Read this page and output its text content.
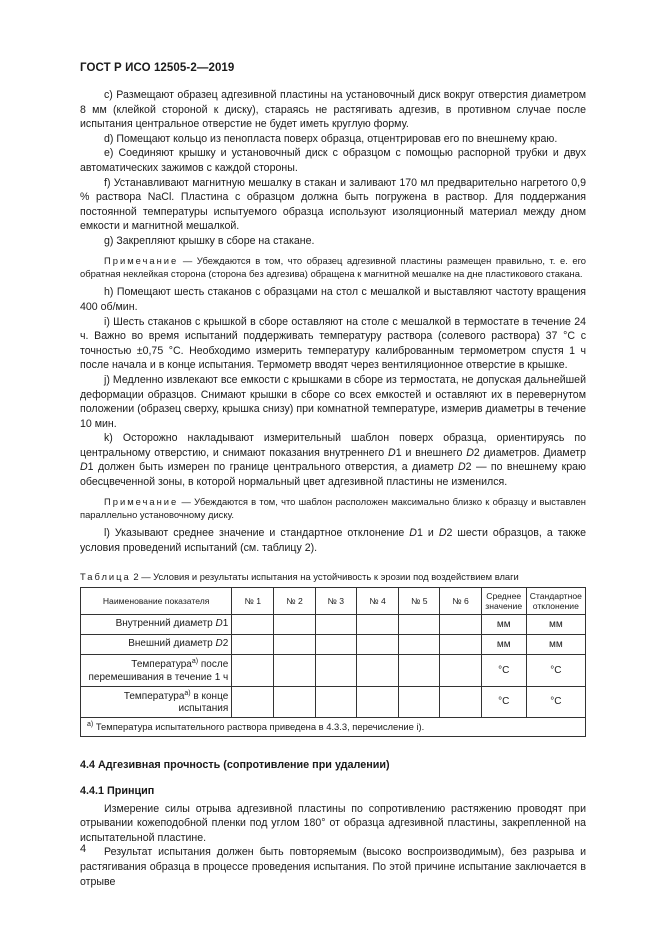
ГОСТ Р ИСО 12505-2—2019

c) Размещают образец адгезивной пластины на установочный диск вокруг отверстия диаметром 8 мм (клейкой стороной к диску), стараясь не растягивать адгезив, в противном случае после испытания центральное отверстие не будет иметь круглую форму.

d) Помещают кольцо из пенопласта поверх образца, отцентрировав его по внешнему краю.

e) Соединяют крышку и установочный диск с образцом с помощью распорной трубки и двух автоматических зажимов с каждой стороны.

f) Устанавливают магнитную мешалку в стакан и заливают 170 мл предварительно нагретого 0,9 % раствора NaCl. Пластина с образцом должна быть погружена в раствор. Для поддержания постоянной температуры испытуемого образца используют изоляционный материал между дном емкости и магнитной мешалкой.

g) Закрепляют крышку в сборе на стакане.

Примечание — Убеждаются в том, что образец адгезивной пластины размещен правильно, т. е. его обратная неклейкая сторона (сторона без адгезива) обращена к магнитной мешалке на дне пластикового стакана.

h) Помещают шесть стаканов с образцами на стол с мешалкой и выставляют частоту вращения 400 об/мин.

i) Шесть стаканов с крышкой в сборе оставляют на столе с мешалкой в термостате в течение 24 ч. Важно во время испытаний поддерживать температуру раствора (солевого раствора) 37 °С с точностью ±0,75 °С. Необходимо измерить температуру калиброванным термометром спустя 1 ч после начала и в конце испытания. Термометр вводят через вентиляционное отверстие в крышке.

j) Медленно извлекают все емкости с крышками в сборе из термостата, не допуская дальнейшей деформации образцов. Снимают крышки в сборе со всех емкостей и оставляют их в перевернутом положении (образец сверху, крышка снизу) при комнатной температуре, измерив диаметры в течение 10 мин.

k) Осторожно накладывают измерительный шаблон поверх образца, ориентируясь по центральному отверстию, и снимают показания внутреннего D1 и внешнего D2 диаметров. Диаметр D1 должен быть измерен по границе центрального отверстия, а диаметр D2 — по внешнему краю обесцвеченной зоны, в которой нормальный цвет адгезивной пластины не изменился.

Примечание — Убеждаются в том, что шаблон расположен максимально близко к образцу и выставлен параллельно установочному диску.

l) Указывают среднее значение и стандартное отклонение D1 и D2 шести образцов, а также условия проведений испытаний (см. таблицу 2).

Таблица 2 — Условия и результаты испытания на устойчивость к эрозии под воздействием влаги

Наименование показателя	№ 1	№ 2	№ 3	№ 4	№ 5	№ 6	Среднее значение	Стандартное отклонение
Внутренний диаметр D1							мм	мм
Внешний диаметр D2							мм	мм
Температура$^{а)}$ после перемешивания в течение 1 ч							°С	°С
Температура$^{а)}$ в конце испытания							°С	°С
$^{а)}$ Температура испытательного раствора приведена в 4.3.3, перечисление i).								

4.4 Адгезивная прочность (сопротивление при удалении)

4.4.1 Принцип

Измерение силы отрыва адгезивной пластины по сопротивлению растяжению проводят при отрывании кожеподобной пленки под углом 180° от образца адгезивной пластины, закрепленной на испытательной пластине.

Результат испытания должен быть повторяемым (высоко воспроизводимым), без разрыва и растягивания образца в процессе проведения испытания. По этой причине испытание заключается в отрыве

4
